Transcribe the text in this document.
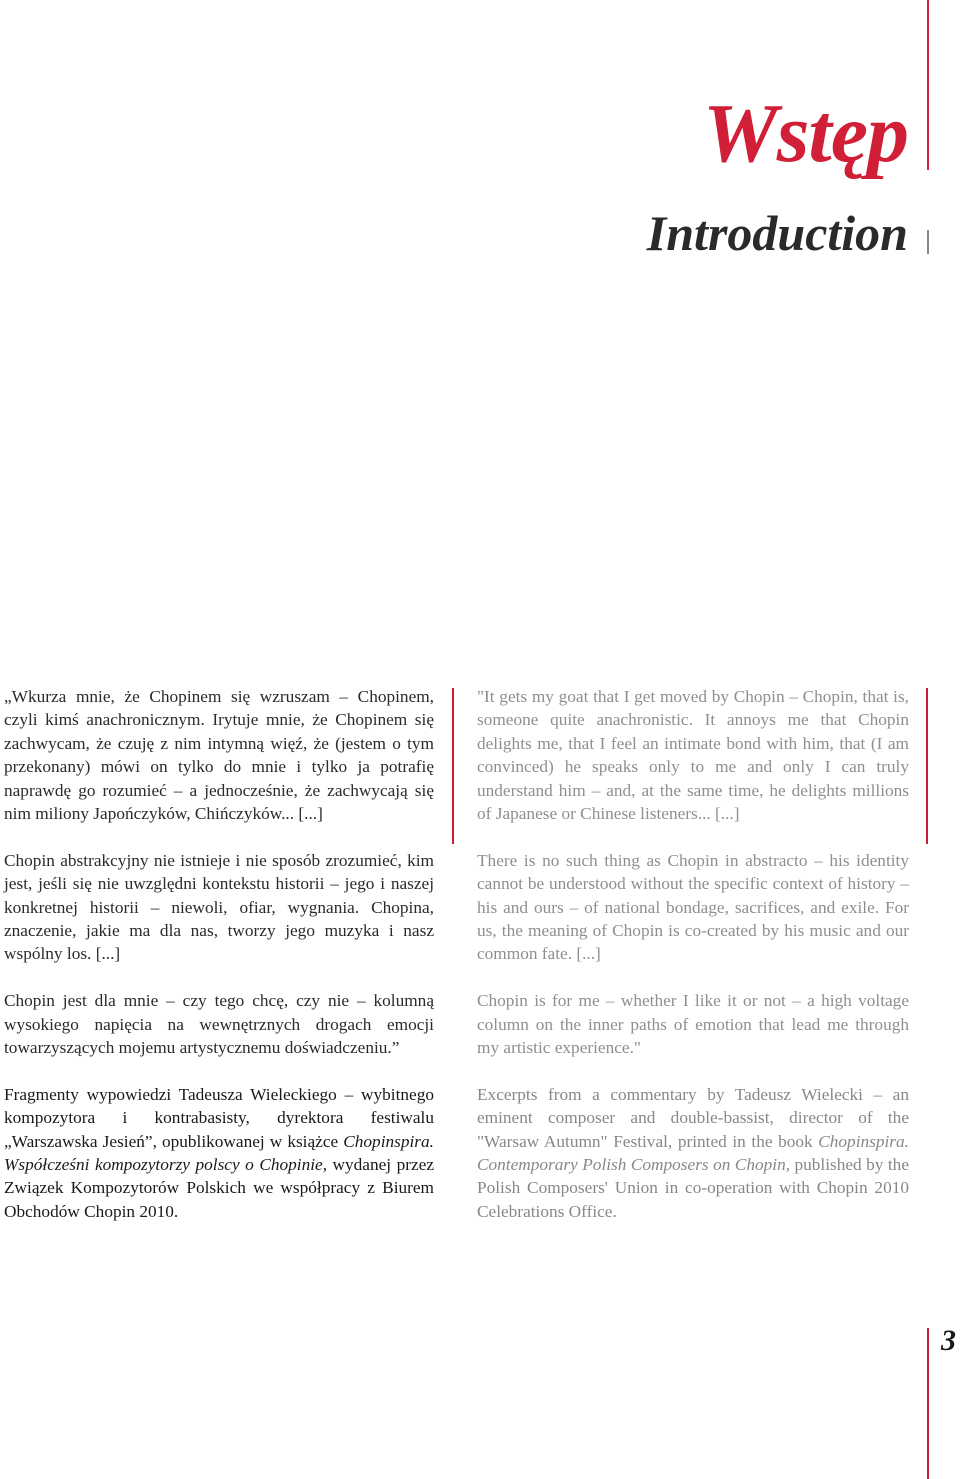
Wstęp
Introduction

„Wkurza mnie, że Chopinem się wzruszam – Chopinem, czyli kimś anachronicznym. Irytuje mnie, że Chopinem się zachwycam, że czuję z nim intymną więź, że (jestem o tym przekonany) mówi on tylko do mnie i tylko ja potrafię naprawdę go rozumieć – a jednocześnie, że zachwycają się nim miliony Japończyków, Chińczyków... [...]

Chopin abstrakcyjny nie istnieje i nie sposób zrozumieć, kim jest, jeśli się nie uwzględni kontekstu historii – jego i naszej konkretnej historii – niewoli, ofiar, wygnania. Chopina, znaczenie, jakie ma dla nas, tworzy jego muzyka i nasz wspólny los. [...]

Chopin jest dla mnie – czy tego chcę, czy nie – kolumną wysokiego napięcia na wewnętrznych drogach emocji towarzyszących mojemu artystycznemu doświadczeniu.”

Fragmenty wypowiedzi Tadeusza Wieleckiego – wybitnego kompozytora i kontrabasisty, dyrektora festiwalu „Warszawska Jesień”, opublikowanej w książce Chopinspira. Współcześni kompozytorzy polscy o Chopinie, wydanej przez Związek Kompozytorów Polskich we współpracy z Biurem Obchodów Chopin 2010.

"It gets my goat that I get moved by Chopin – Chopin, that is, someone quite anachronistic. It annoys me that Chopin delights me, that I feel an intimate bond with him, that (I am convinced) he speaks only to me and only I can truly understand him – and, at the same time, he delights millions of Japanese or Chinese listeners... [...]

There is no such thing as Chopin in abstracto – his identity cannot be understood without the specific context of history – his and ours – of national bondage, sacrifices, and exile. For us, the meaning of Chopin is co-created by his music and our common fate. [...]

Chopin is for me – whether I like it or not – a high voltage column on the inner paths of emotion that lead me through my artistic experience."

Excerpts from a commentary by Tadeusz Wielecki – an eminent composer and double-bassist, director of the "Warsaw Autumn" Festival, printed in the book Chopinspira. Contemporary Polish Composers on Chopin, published by the Polish Composers' Union in co-operation with Chopin 2010 Celebrations Office.

3
